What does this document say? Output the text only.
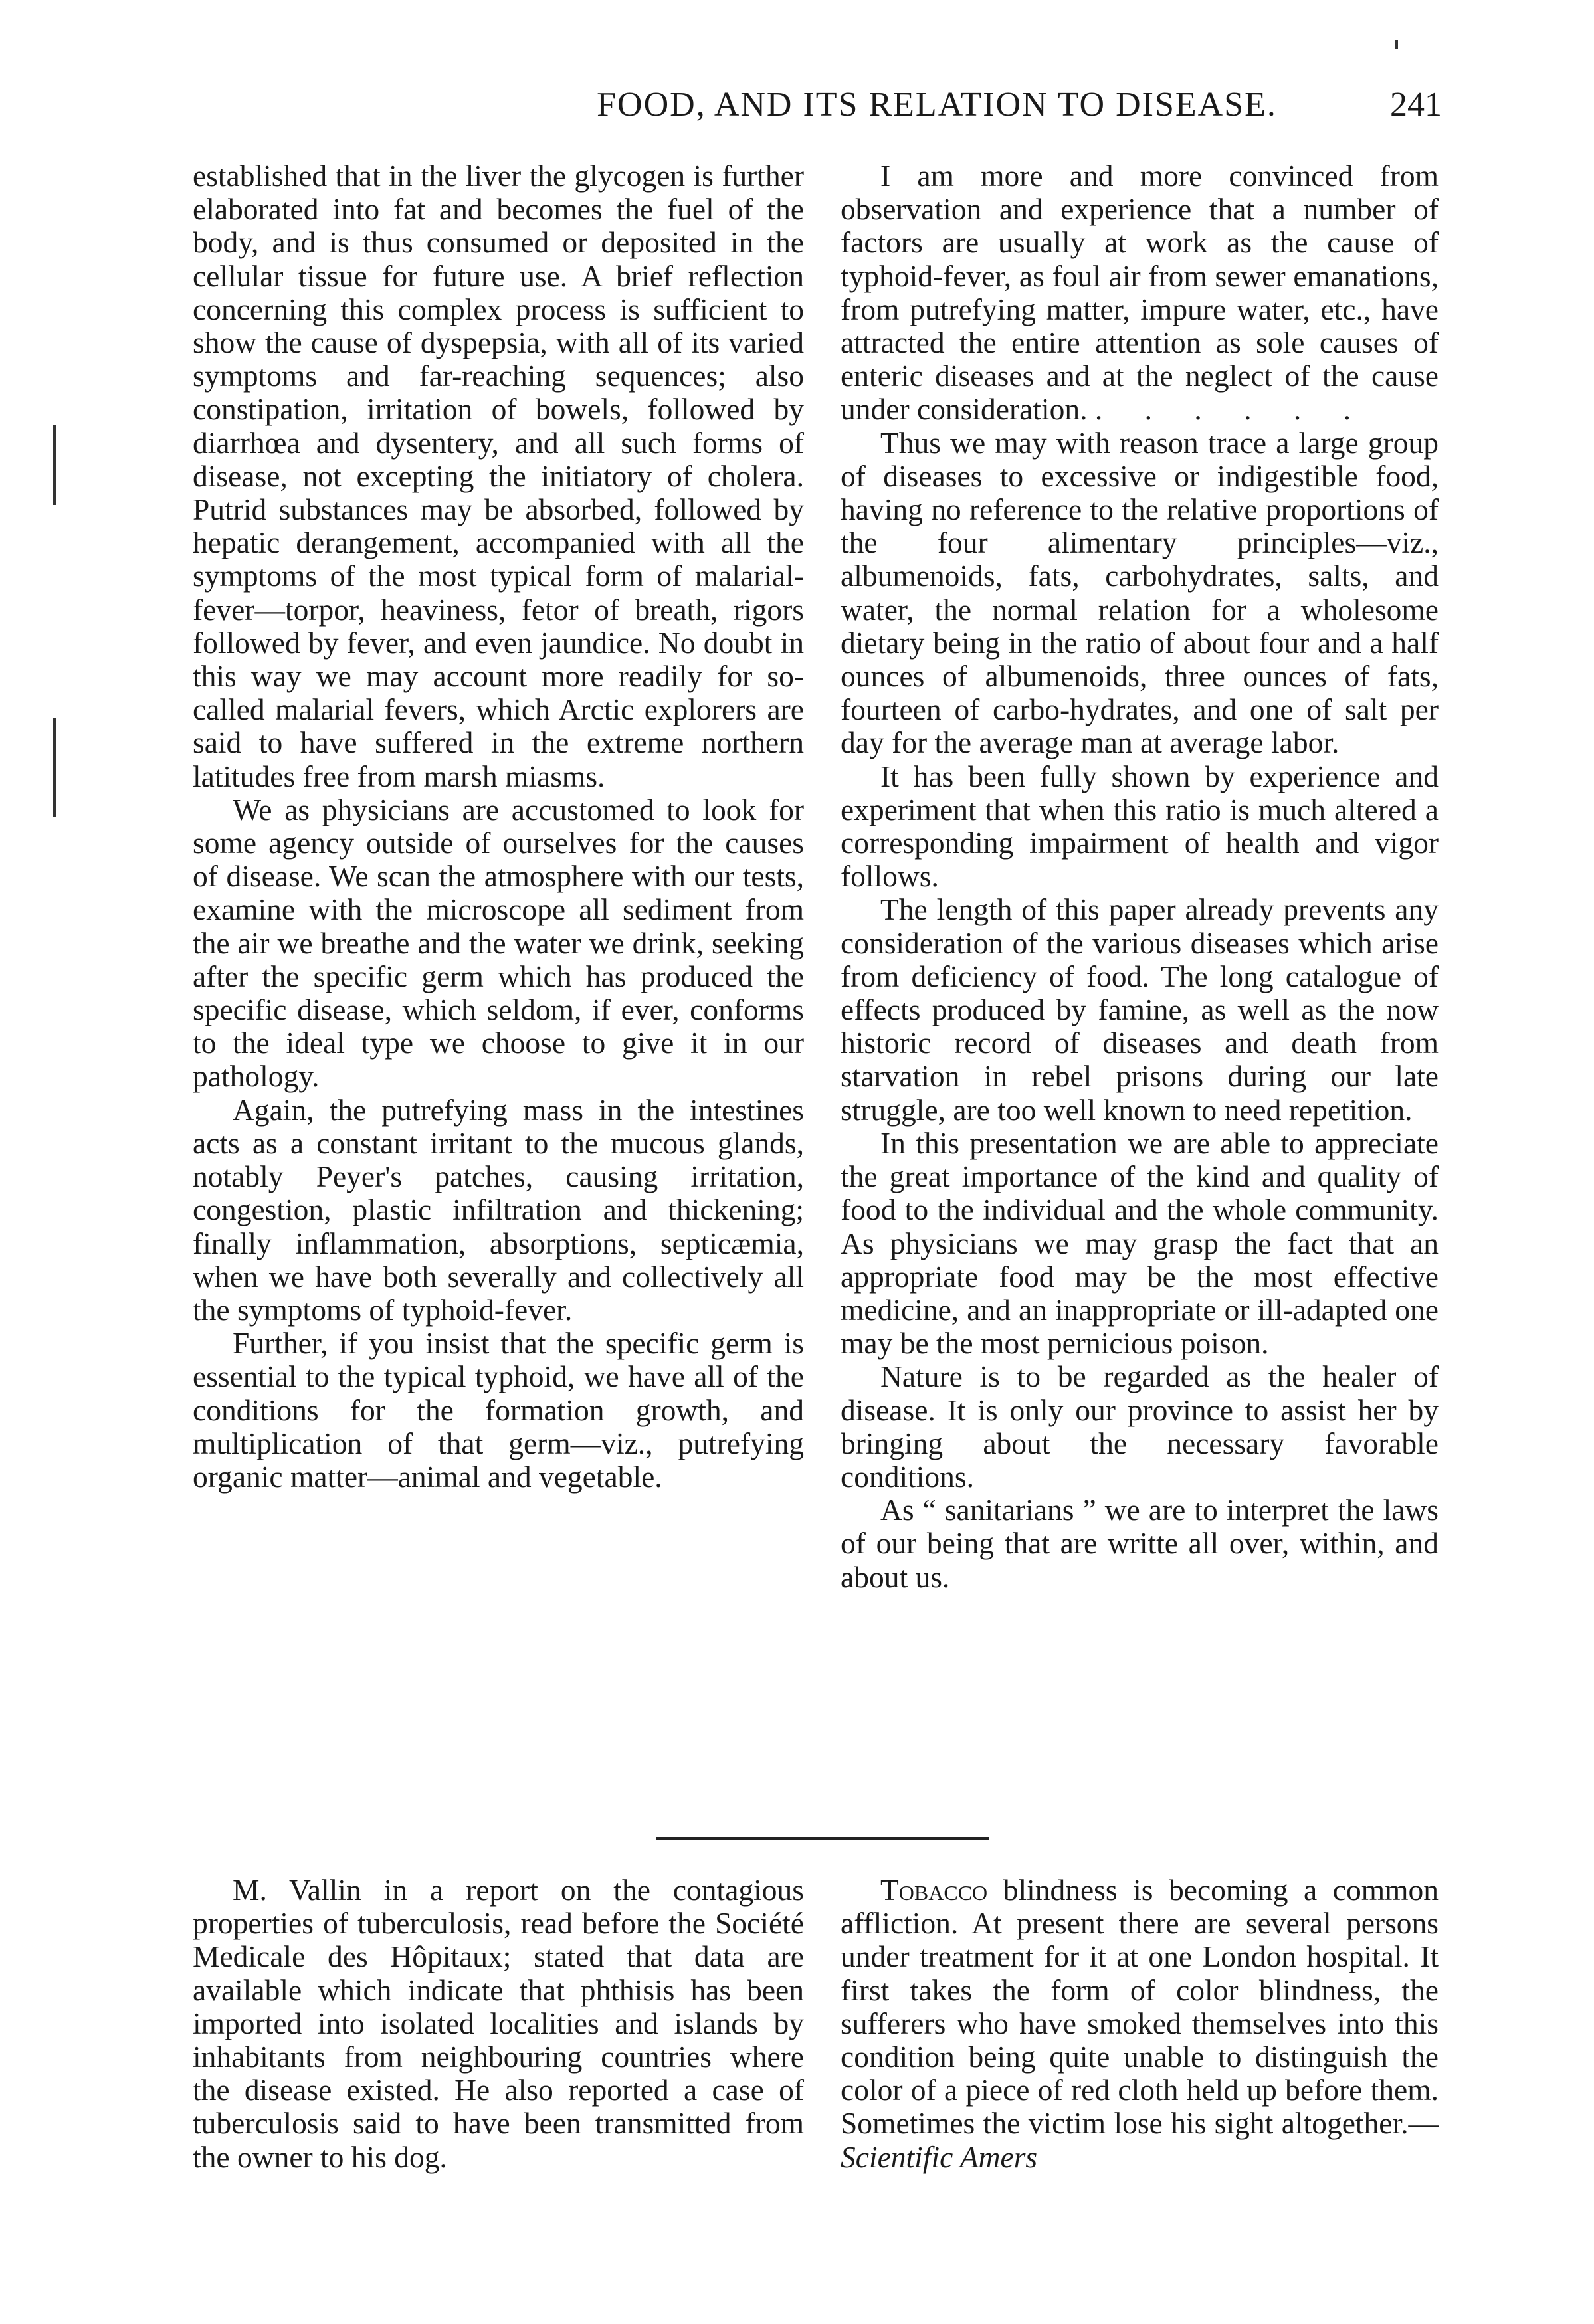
FOOD, AND ITS RELATION TO DISEASE.	241

established that in the liver the glycogen is further elaborated into fat and becomes the fuel of the body, and is thus consumed or deposited in the cellular tissue for future use. A brief reflection concerning this complex process is sufficient to show the cause of dyspepsia, with all of its varied symptoms and far-reaching sequences; also constipation, irritation of bowels, followed by diarrhœa and dysentery, and all such forms of disease, not excepting the initiatory of cholera. Putrid substances may be absorbed, followed by hepatic derangement, accompanied with all the symptoms of the most typical form of malarial-fever—torpor, heaviness, fetor of breath, rigors followed by fever, and even jaundice. No doubt in this way we may account more readily for so-called malarial fevers, which Arctic explorers are said to have suffered in the extreme northern latitudes free from marsh miasms.

We as physicians are accustomed to look for some agency outside of ourselves for the causes of disease. We scan the atmosphere with our tests, examine with the microscope all sediment from the air we breathe and the water we drink, seeking after the specific germ which has produced the specific disease, which seldom, if ever, conforms to the ideal type we choose to give it in our pathology.

Again, the putrefying mass in the intestines acts as a constant irritant to the mucous glands, notably Peyer's patches, causing irritation, congestion, plastic infiltration and thickening; finally inflammation, absorptions, septicæmia, when we have both severally and collectively all the symptoms of typhoid-fever.

Further, if you insist that the specific germ is essential to the typical typhoid, we have all of the conditions for the formation growth, and multiplication of that germ—viz., putrefying organic matter—animal and vegetable.

I am more and more convinced from observation and experience that a number of factors are usually at work as the cause of typhoid-fever, as foul air from sewer emanations, from putrefying matter, impure water, etc., have attracted the entire attention as sole causes of enteric diseases and at the neglect of the cause under consideration. . . . . . .

Thus we may with reason trace a large group of diseases to excessive or indigestible food, having no reference to the relative proportions of the four alimentary principles—viz., albumenoids, fats, carbohydrates, salts, and water, the normal relation for a wholesome dietary being in the ratio of about four and a half ounces of albumenoids, three ounces of fats, fourteen of carbo-hydrates, and one of salt per day for the average man at average labor.

It has been fully shown by experience and experiment that when this ratio is much altered a corresponding impairment of health and vigor follows.

The length of this paper already prevents any consideration of the various diseases which arise from deficiency of food. The long catalogue of effects produced by famine, as well as the now historic record of diseases and death from starvation in rebel prisons during our late struggle, are too well known to need repetition.

In this presentation we are able to appreciate the great importance of the kind and quality of food to the individual and the whole community. As physicians we may grasp the fact that an appropriate food may be the most effective medicine, and an inappropriate or ill-adapted one may be the most pernicious poison.

Nature is to be regarded as the healer of disease. It is only our province to assist her by bringing about the necessary favorable conditions.

As “ sanitarians ” we are to interpret the laws of our being that are writte all over, within, and about us.

M. Vallin in a report on the contagious properties of tuberculosis, read before the Société Medicale des Hôpitaux; stated that data are available which indicate that phthisis has been imported into isolated localities and islands by inhabitants from neighbouring countries where the disease existed. He also reported a case of tuberculosis said to have been transmitted from the owner to his dog.

Tobacco blindness is becoming a common affliction. At present there are several persons under treatment for it at one London hospital. It first takes the form of color blindness, the sufferers who have smoked themselves into this condition being quite unable to distinguish the color of a piece of red cloth held up before them. Sometimes the victim lose his sight altogether.—Scientific Amers
